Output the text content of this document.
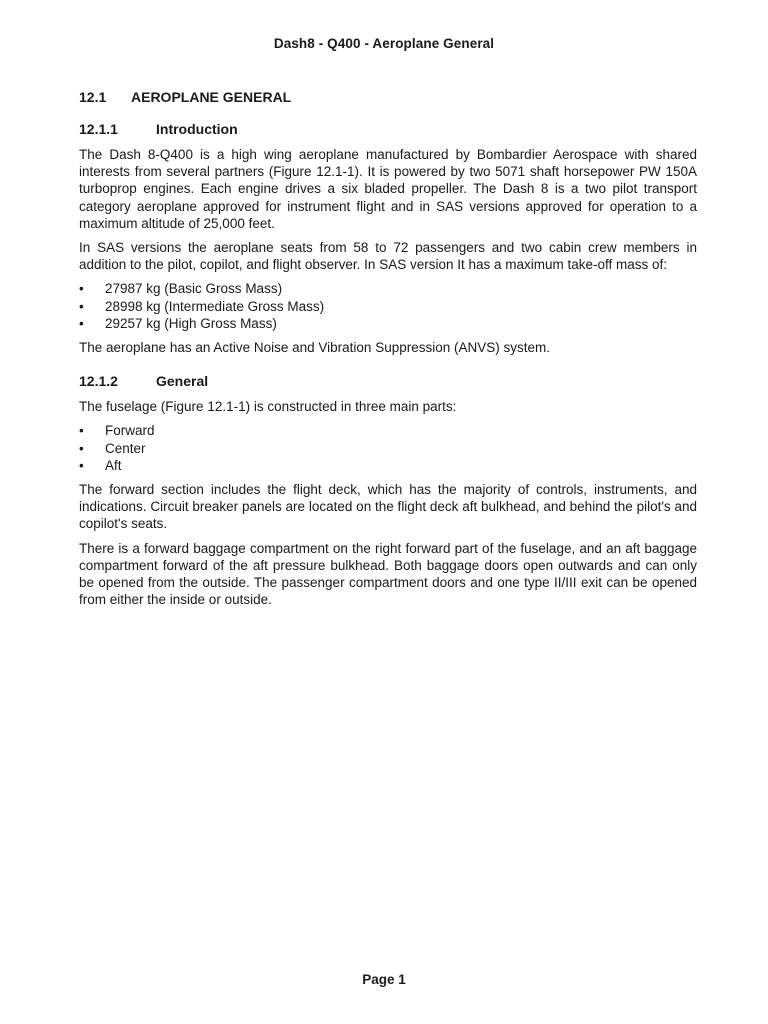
Dash8 - Q400 - Aeroplane General
12.1	AEROPLANE GENERAL
12.1.1	Introduction

The Dash 8-Q400 is a high wing aeroplane manufactured by Bombardier Aerospace with shared interests from several partners (Figure 12.1-1). It is powered by two 5071 shaft horsepower PW 150A turboprop engines. Each engine drives a six bladed propeller. The Dash 8 is a two pilot transport category aeroplane approved for instrument flight and in SAS versions approved for operation to a maximum altitude of 25,000 feet.

In SAS versions the aeroplane seats from 58 to 72 passengers and two cabin crew members in addition to the pilot, copilot, and flight observer. In SAS version It has a maximum take-off mass of:

•	27987 kg (Basic Gross Mass)
•	28998 kg (Intermediate Gross Mass)
•	29257 kg (High Gross Mass)

The aeroplane has an Active Noise and Vibration Suppression (ANVS) system.

12.1.2	General

The fuselage (Figure 12.1-1) is constructed in three main parts:

•	Forward
•	Center
•	Aft

The forward section includes the flight deck, which has the majority of controls, instruments, and indications. Circuit breaker panels are located on the flight deck aft bulkhead, and behind the pilot's and copilot's seats.

There is a forward baggage compartment on the right forward part of the fuselage, and an aft baggage compartment forward of the aft pressure bulkhead. Both baggage doors open outwards and can only be opened from the outside. The passenger compartment doors and one type II/III exit can be opened from either the inside or outside.

Page 1
